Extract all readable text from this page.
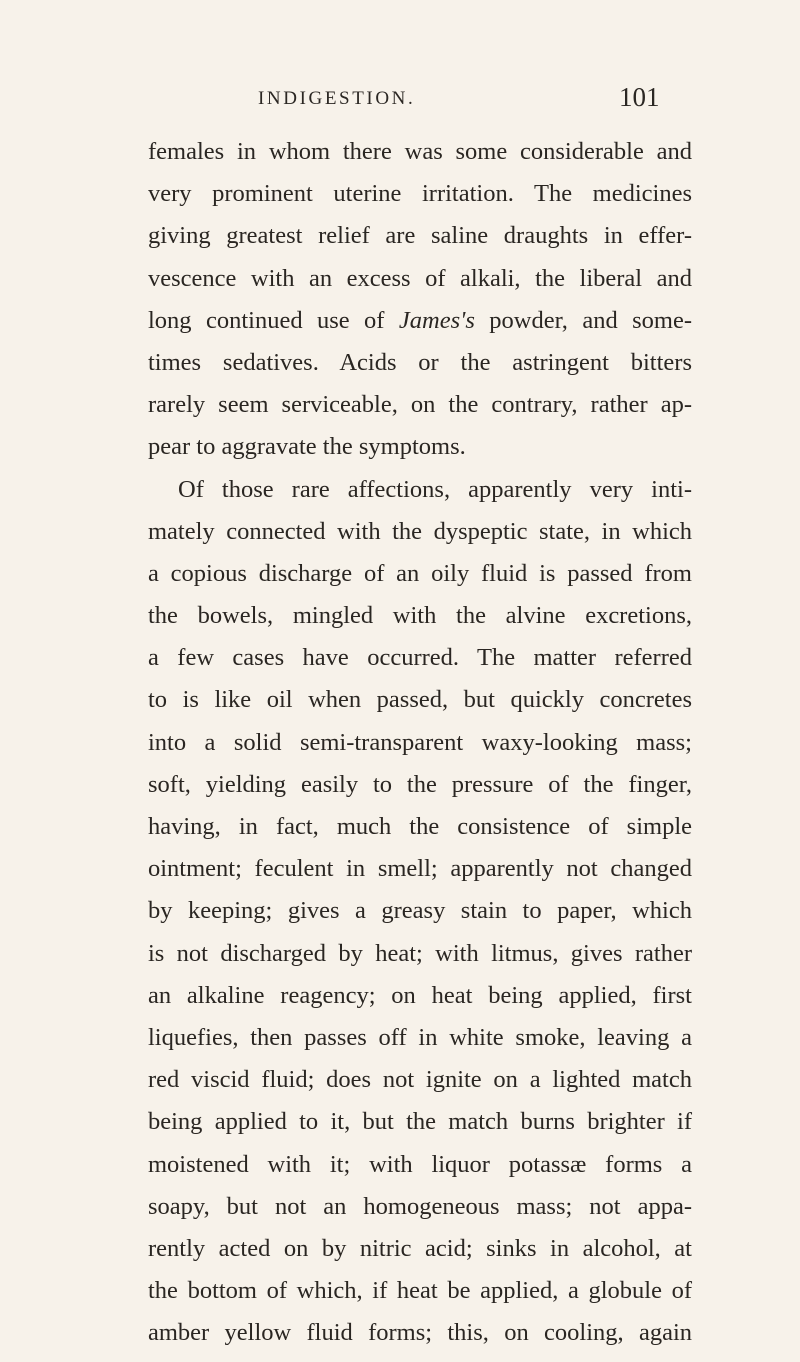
INDIGESTION.	101
females in whom there was some considerable and
very prominent uterine irritation. The medicines
giving greatest relief are saline draughts in effer-
vescence with an excess of alkali, the liberal and
long continued use of James's powder, and some-
times sedatives. Acids or the astringent bitters
rarely seem serviceable, on the contrary, rather ap-
pear to aggravate the symptoms.
Of those rare affections, apparently very inti-
mately connected with the dyspeptic state, in which
a copious discharge of an oily fluid is passed from
the bowels, mingled with the alvine excretions,
a few cases have occurred. The matter referred
to is like oil when passed, but quickly concretes
into a solid semi-transparent waxy-looking mass;
soft, yielding easily to the pressure of the finger,
having, in fact, much the consistence of simple
ointment; feculent in smell; apparently not changed
by keeping; gives a greasy stain to paper, which
is not discharged by heat; with litmus, gives rather
an alkaline reagency; on heat being applied, first
liquefies, then passes off in white smoke, leaving a
red viscid fluid; does not ignite on a lighted match
being applied to it, but the match burns brighter if
moistened with it; with liquor potassæ forms a
soapy, but not an homogeneous mass; not appa-
rently acted on by nitric acid; sinks in alcohol, at
the bottom of which, if heat be applied, a globule of
amber yellow fluid forms; this, on cooling, again
